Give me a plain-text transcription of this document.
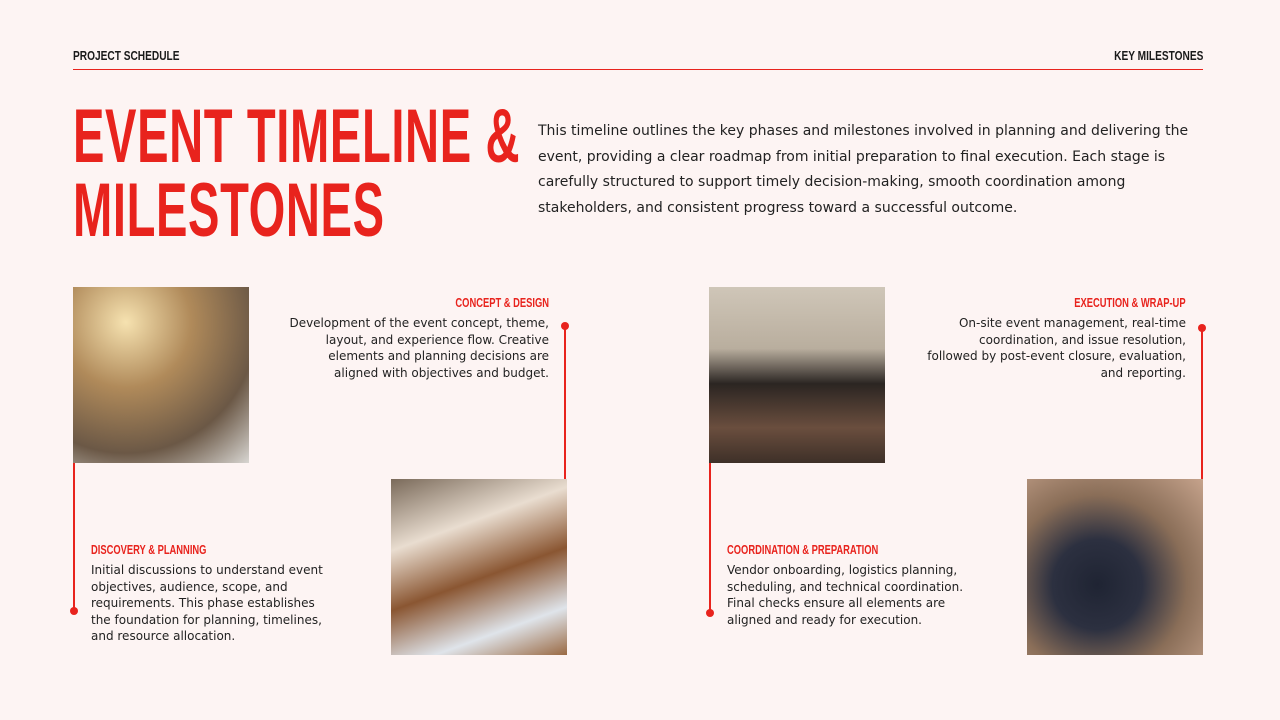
PROJECT SCHEDULE	KEY MILESTONES
EVENT TIMELINE &
MILESTONES

This timeline outlines the key phases and milestones involved in planning and delivering the event, providing a clear roadmap from initial preparation to final execution. Each stage is carefully structured to support timely decision-making, smooth coordination among stakeholders, and consistent progress toward a successful outcome.

DISCOVERY & PLANNING

Initial discussions to understand event objectives, audience, scope, and requirements. This phase establishes the foundation for planning, timelines, and resource allocation.

CONCEPT & DESIGN

Development of the event concept, theme, layout, and experience flow. Creative elements and planning decisions are aligned with objectives and budget.

COORDINATION & PREPARATION

Vendor onboarding, logistics planning, scheduling, and technical coordination. Final checks ensure all elements are aligned and ready for execution.

EXECUTION & WRAP-UP

On-site event management, real-time coordination, and issue resolution, followed by post-event closure, evaluation, and reporting.
